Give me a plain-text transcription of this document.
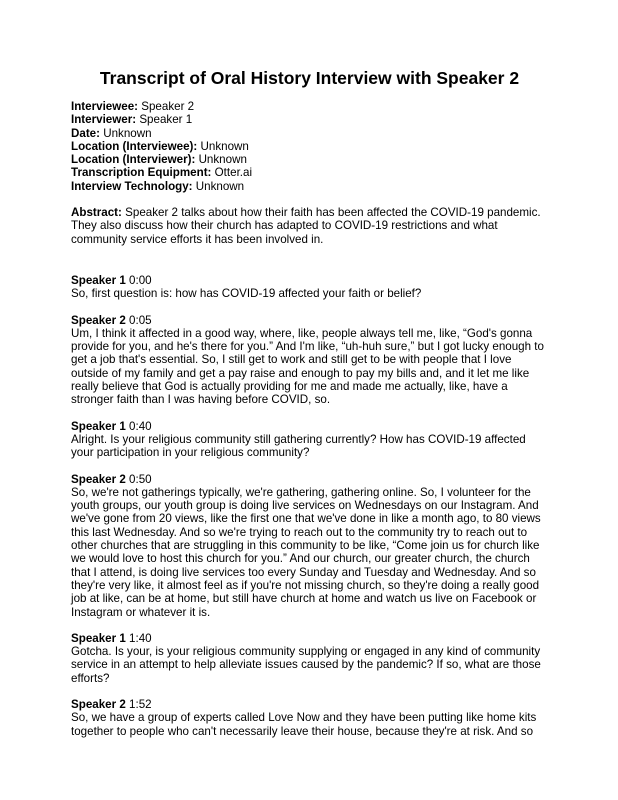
Transcript of Oral History Interview with Speaker 2
Interviewee: Speaker 2
Interviewer: Speaker 1
Date: Unknown
Location (Interviewee): Unknown
Location (Interviewer): Unknown
Transcription Equipment: Otter.ai
Interview Technology: Unknown

Abstract: Speaker 2 talks about how their faith has been affected the COVID-19 pandemic. They also discuss how their church has adapted to COVID-19 restrictions and what community service efforts it has been involved in.

Speaker 1 0:00

So, first question is: how has COVID-19 affected your faith or belief?

Speaker 2 0:05

Um, I think it affected in a good way, where, like, people always tell me, like, “God's gonna provide for you, and he's there for you.” And I'm like, “uh-huh sure,” but I got lucky enough to get a job that's essential. So, I still get to work and still get to be with people that I love outside of my family and get a pay raise and enough to pay my bills and, and it let me like really believe that God is actually providing for me and made me actually, like, have a stronger faith than I was having before COVID, so.

Speaker 1 0:40

Alright. Is your religious community still gathering currently? How has COVID-19 affected your participation in your religious community?

Speaker 2 0:50

So, we're not gatherings typically, we're gathering, gathering online. So, I volunteer for the youth groups, our youth group is doing live services on Wednesdays on our Instagram. And we've gone from 20 views, like the first one that we've done in like a month ago, to 80 views this last Wednesday. And so we're trying to reach out to the community try to reach out to other churches that are struggling in this community to be like, “Come join us for church like we would love to host this church for you.” And our church, our greater church, the church that I attend, is doing live services too every Sunday and Tuesday and Wednesday. And so they're very like, it almost feel as if you're not missing church, so they're doing a really good job at like, can be at home, but still have church at home and watch us live on Facebook or Instagram or whatever it is.

Speaker 1 1:40

Gotcha. Is your, is your religious community supplying or engaged in any kind of community service in an attempt to help alleviate issues caused by the pandemic? If so, what are those efforts?

Speaker 2 1:52

So, we have a group of experts called Love Now and they have been putting like home kits together to people who can't necessarily leave their house, because they're at risk. And so
